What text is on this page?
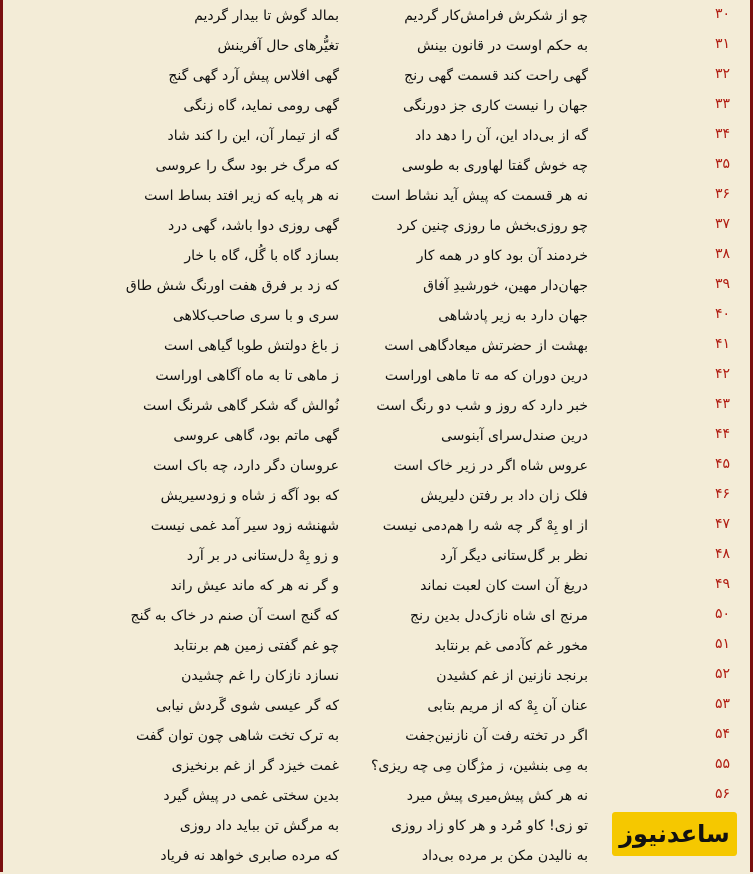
۳۰
چو از شکرش فرامش‌کار گردیم
بمالد گوش تا بیدار گردیم
۳۱
به حکم اوست در قانون بینش
تغیُّرهای حال آفرینش
۳۲
گهی راحت کند قسمت گهی رنج
گهی افلاس پیش آرد گهی گنج
۳۳
جهان را نیست کاری جز دورنگی
گهی رومی نماید، گاه زنگی
۳۴
گه از بی‌داد این، آن را دهد داد
گه از تیمار آن، این را کند شاد
۳۵
چه خوش گفتا لهاوری به طوسی
که مرگ خر بود سگ را عروسی
۳۶
نه هر قسمت که پیش آید نشاط است
نه هر پایه که زیر افتد بساط است
۳۷
چو روزی‌بخش ما روزی چنین کرد
گهی روزی دوا باشد، گهی درد
۳۸
خردمند آن بود کاو در همه کار
بسازد گاه با گُل، گاه با خار
۳۹
جهان‌دار مهین، خورشیدِ آفاق
که زد بر فرق هفت اورنگ شش طاق
۴۰
جهان دارد به زیر پادشاهی
سری و با سری صاحب‌کلاهی
۴۱
بهشت از حضرتش میعادگاهی است
ز باغ دولتش طوبا گیاهی است
۴۲
درین دوران که مه تا ماهی اوراست
ز ماهی تا به ماه آگاهی اوراست
۴۳
خبر دارد که روز و شب دو رنگ است
نُوالش گه شکر گاهی شرنگ است
۴۴
درین صندل‌سرای آبنوسی
گهی ماتم بود، گاهی عروسی
۴۵
عروس شاه اگر در زیر خاک است
عروسان دگر دارد، چه باک است
۴۶
فلک زان داد بر رفتن دلیریش
که بود آگه ز شاه و زودسیریش
۴۷
از او بِهْ گر چه شه را هم‌دمی نیست
شهنشه زود سیر آمد غمی نیست
۴۸
نظر بر گل‌ستانی دیگر آرد
و زو بِهْ دل‌ستانی در بر آرد
۴۹
دریغ آن است کان لعبت نماند
و گر نه هر که ماند عیش راند
۵۰
مرنج ای شاه نازک‌دل بدین رنج
که گنج است آن صنم در خاک به گنج
۵۱
مخور غم کآدمی غم برنتابد
چو غم گفتی زمین هم برنتابد
۵۲
برنجد نازنین از غم کشیدن
نسازد نازکان را غم چشیدن
۵۳
عنان آن بِهْ که از مریم بتابی
که گر عیسی شوی گَردش نیابی
۵۴
اگر در تخته رفت آن نازنین‌جفت
به ترک تخت شاهی چون توان گفت
۵۵
به مِی بنشین، ز مژگان مِی چه ریزی؟
غمت خیزد گر از غم برنخیزی
۵۶
نه هر کش پیش‌میری پیش میرد
بدین سختی غمی در پیش گیرد
تو زی! کاو مُرد و هر کاو زاد روزی
به مرگش تن بباید داد روزی
به نالیدن مکن بر مرده بی‌داد
که مرده صابری خواهد نه فریاد
ساعدنیوز
